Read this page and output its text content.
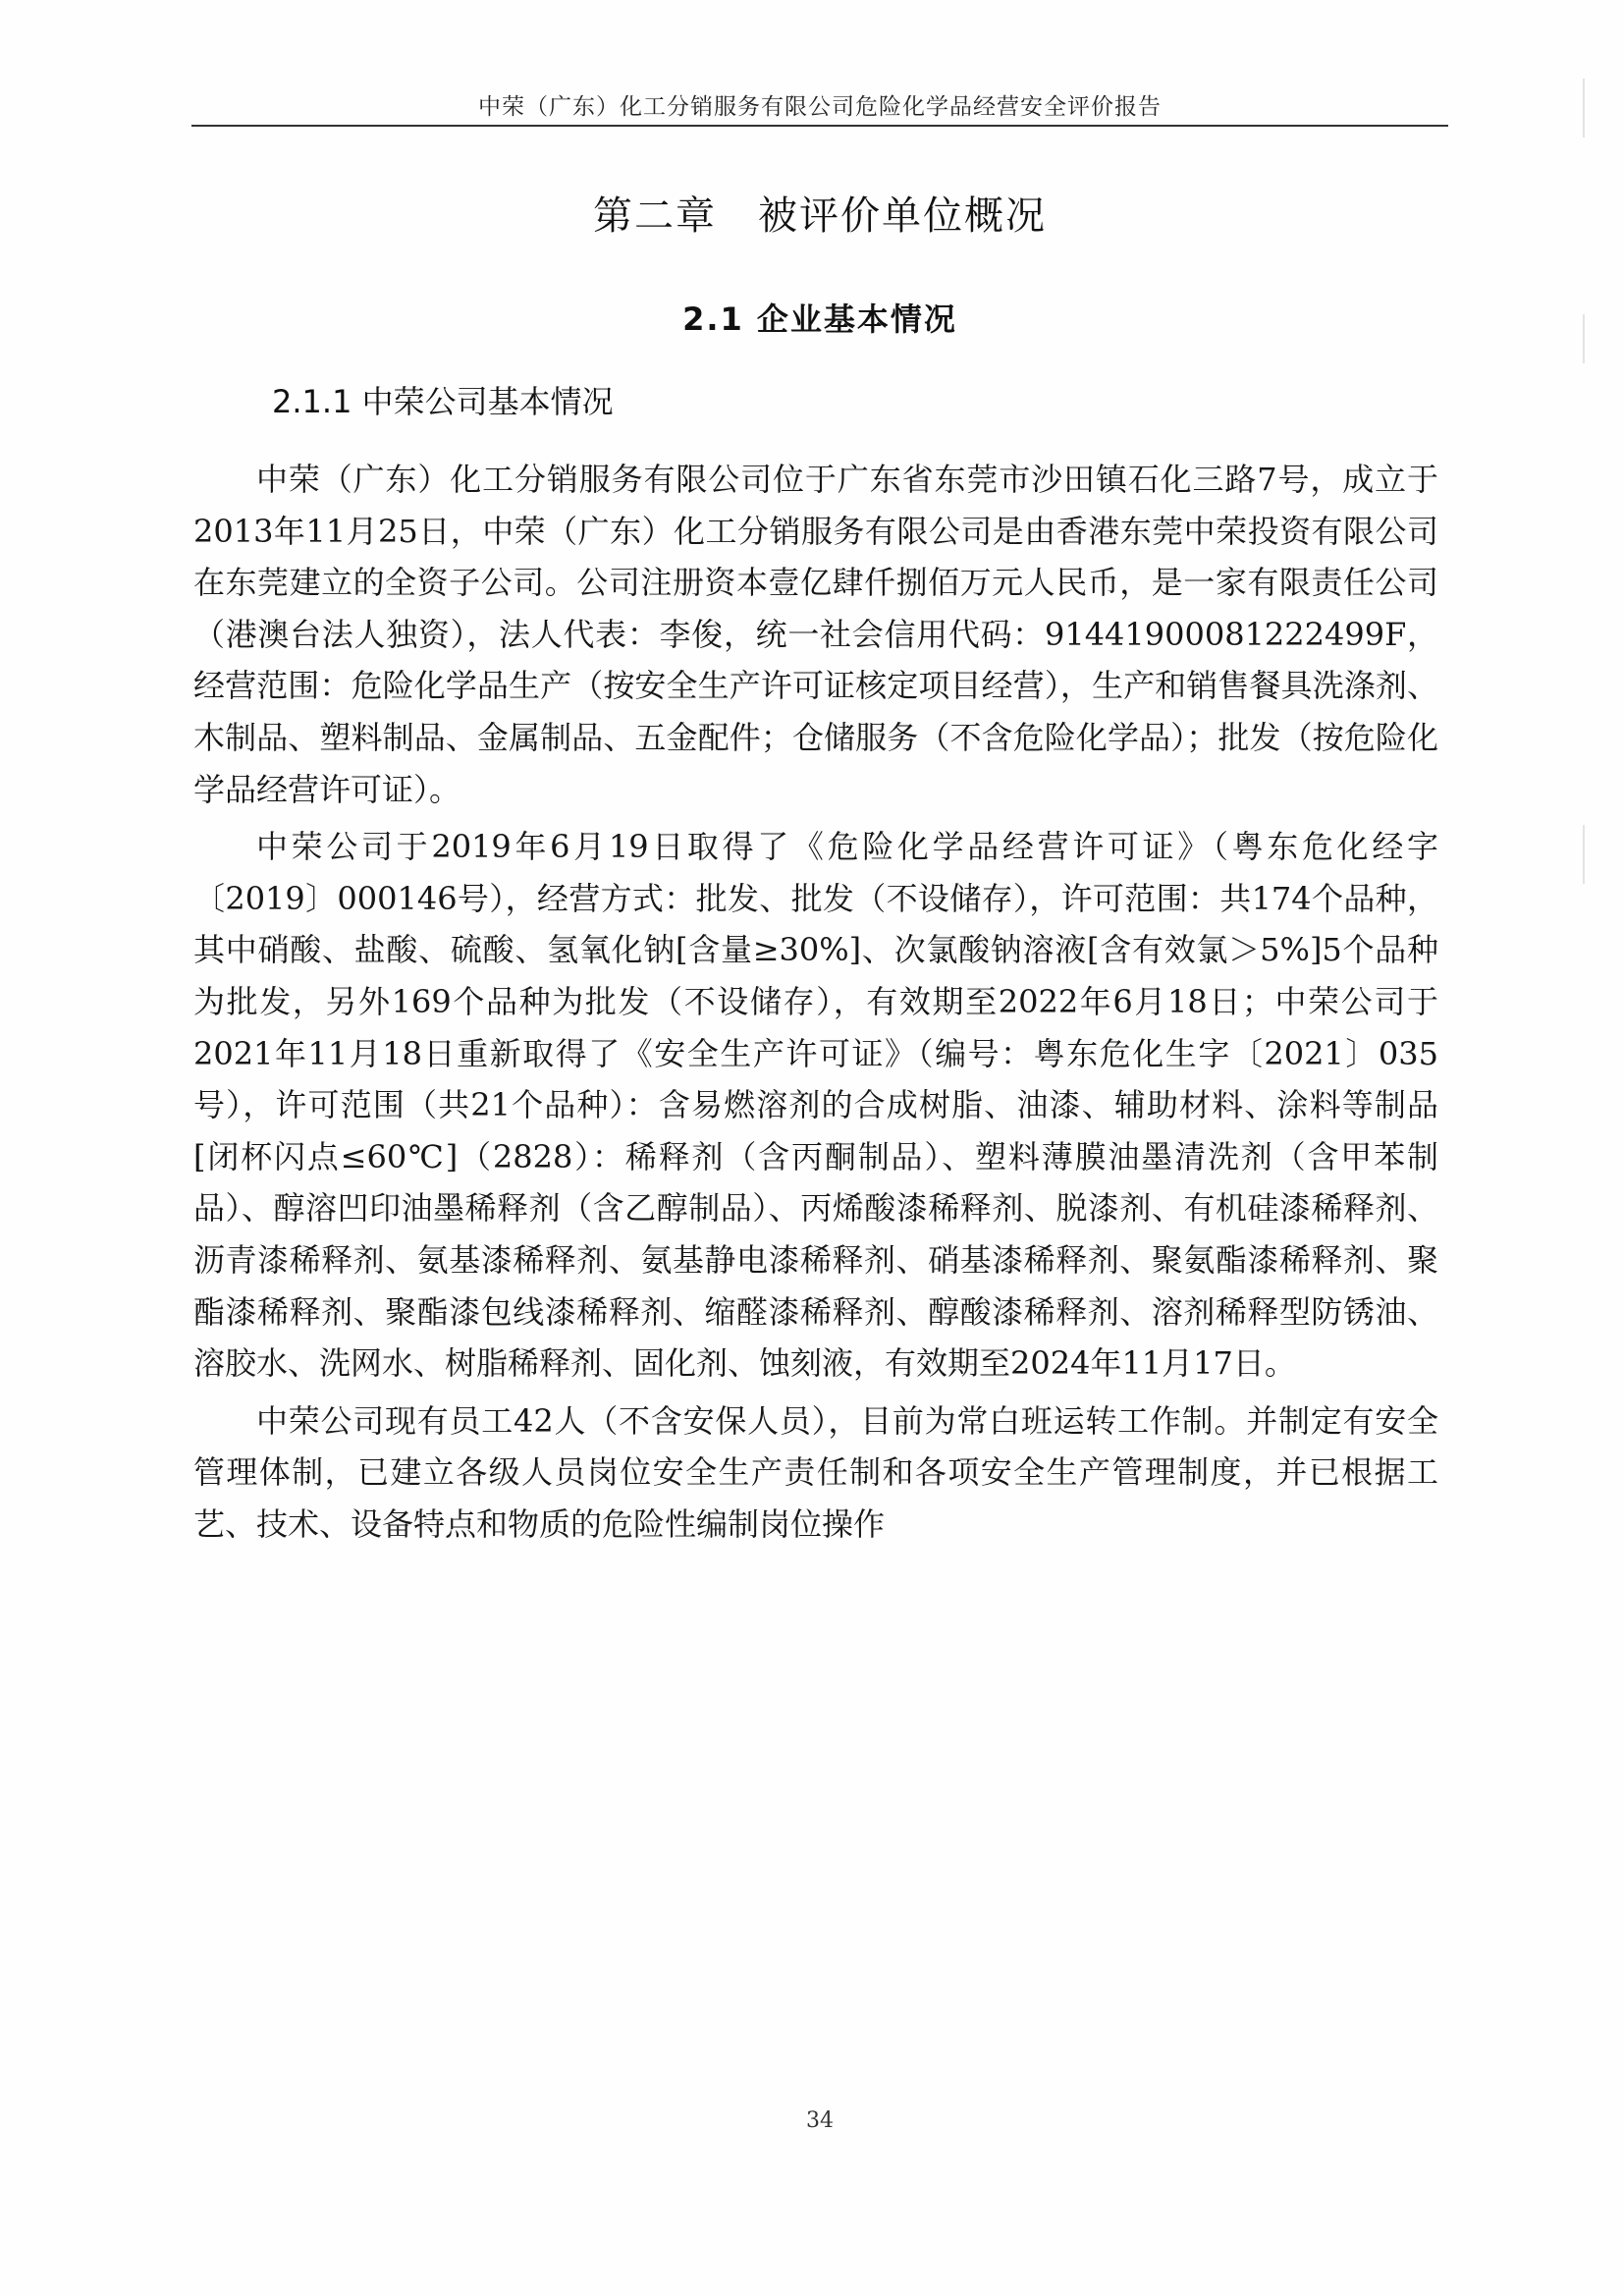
中荣（广东）化工分销服务有限公司危险化学品经营安全评价报告
第二章　被评价单位概况
2.1 企业基本情况
2.1.1 中荣公司基本情况

中荣（广东）化工分销服务有限公司位于广东省东莞市沙田镇石化三路7号，成立于2013年11月25日，中荣（广东）化工分销服务有限公司是由香港东莞中荣投资有限公司在东莞建立的全资子公司。公司注册资本壹亿肆仟捌佰万元人民币，是一家有限责任公司（港澳台法人独资），法人代表：李俊，统一社会信用代码：91441900081222499F，经营范围：危险化学品生产（按安全生产许可证核定项目经营），生产和销售餐具洗涤剂、木制品、塑料制品、金属制品、五金配件；仓储服务（不含危险化学品）；批发（按危险化学品经营许可证）。

中荣公司于2019年6月19日取得了《危险化学品经营许可证》（粤东危化经字〔2019〕000146号），经营方式：批发、批发（不设储存），许可范围：共174个品种，其中硝酸、盐酸、硫酸、氢氧化钠[含量≥30%]、次氯酸钠溶液[含有效氯＞5%]5个品种为批发，另外169个品种为批发（不设储存），有效期至2022年6月18日；中荣公司于2021年11月18日重新取得了《安全生产许可证》（编号：粤东危化生字〔2021〕035号），许可范围（共21个品种）：含易燃溶剂的合成树脂、油漆、辅助材料、涂料等制品[闭杯闪点≤60℃]（2828）：稀释剂（含丙酮制品）、塑料薄膜油墨清洗剂（含甲苯制品）、醇溶凹印油墨稀释剂（含乙醇制品）、丙烯酸漆稀释剂、脱漆剂、有机硅漆稀释剂、沥青漆稀释剂、氨基漆稀释剂、氨基静电漆稀释剂、硝基漆稀释剂、聚氨酯漆稀释剂、聚酯漆稀释剂、聚酯漆包线漆稀释剂、缩醛漆稀释剂、醇酸漆稀释剂、溶剂稀释型防锈油、溶胶水、洗网水、树脂稀释剂、固化剂、蚀刻液，有效期至2024年11月17日。

中荣公司现有员工42人（不含安保人员），目前为常白班运转工作制。并制定有安全管理体制，已建立各级人员岗位安全生产责任制和各项安全生产管理制度，并已根据工艺、技术、设备特点和物质的危险性编制岗位操作

34
